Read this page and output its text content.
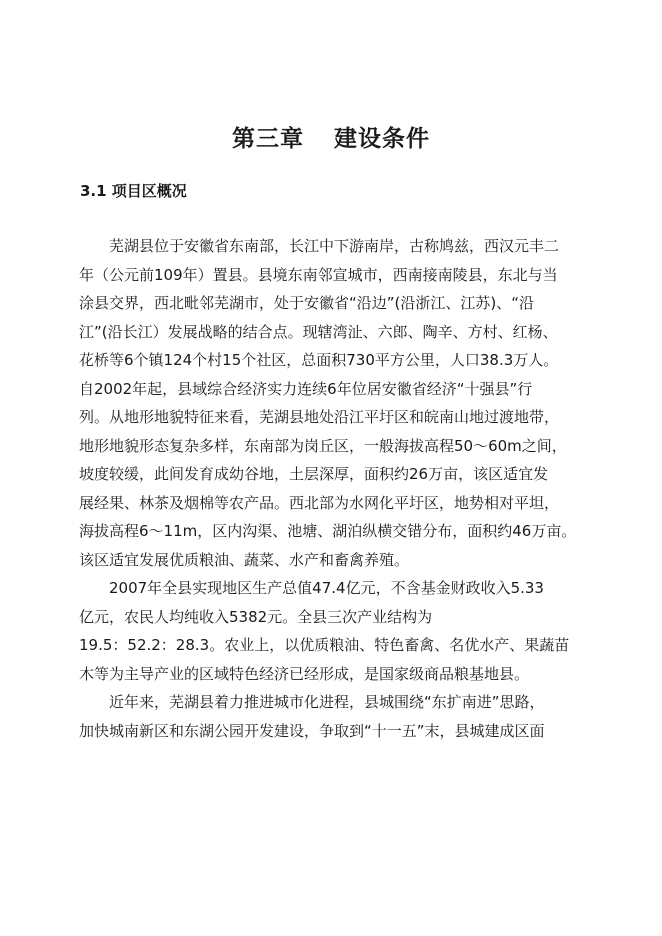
第三章 建设条件
3.1 项目区概况
　　芜湖县位于安徽省东南部，长江中下游南岸，古称鸠兹，西汉元丰二
年（公元前109年）置县。县境东南邻宣城市，西南接南陵县，东北与当
涂县交界，西北毗邻芜湖市，处于安徽省“沿边”(沿浙江、江苏)、“沿
江”(沿长江）发展战略的结合点。现辖湾沚、六郎、陶辛、方村、红杨、
花桥等6个镇124个村15个社区，总面积730平方公里，人口38.3万人。
自2002年起，县域综合经济实力连续6年位居安徽省经济“十强县”行
列。从地形地貌特征来看，芜湖县地处沿江平圩区和皖南山地过渡地带，
地形地貌形态复杂多样，东南部为岗丘区，一般海拔高程50～60m之间，
坡度较缓，此间发育成幼谷地，土层深厚，面积约26万亩，该区适宜发
展经果、林茶及烟棉等农产品。西北部为水网化平圩区，地势相对平坦，
海拔高程6～11m，区内沟渠、池塘、湖泊纵横交错分布，面积约46万亩。
该区适宜发展优质粮油、蔬菜、水产和畜禽养殖。
　　2007年全县实现地区生产总值47.4亿元，不含基金财政收入5.33
亿元，农民人均纯收入5382元。全县三次产业结构为
19.5：52.2：28.3。农业上，以优质粮油、特色畜禽、名优水产、果蔬苗
木等为主导产业的区域特色经济已经形成，是国家级商品粮基地县。
　　近年来，芜湖县着力推进城市化进程，县城围绕“东扩南进”思路，
加快城南新区和东湖公园开发建设，争取到“十一五”末，县城建成区面
